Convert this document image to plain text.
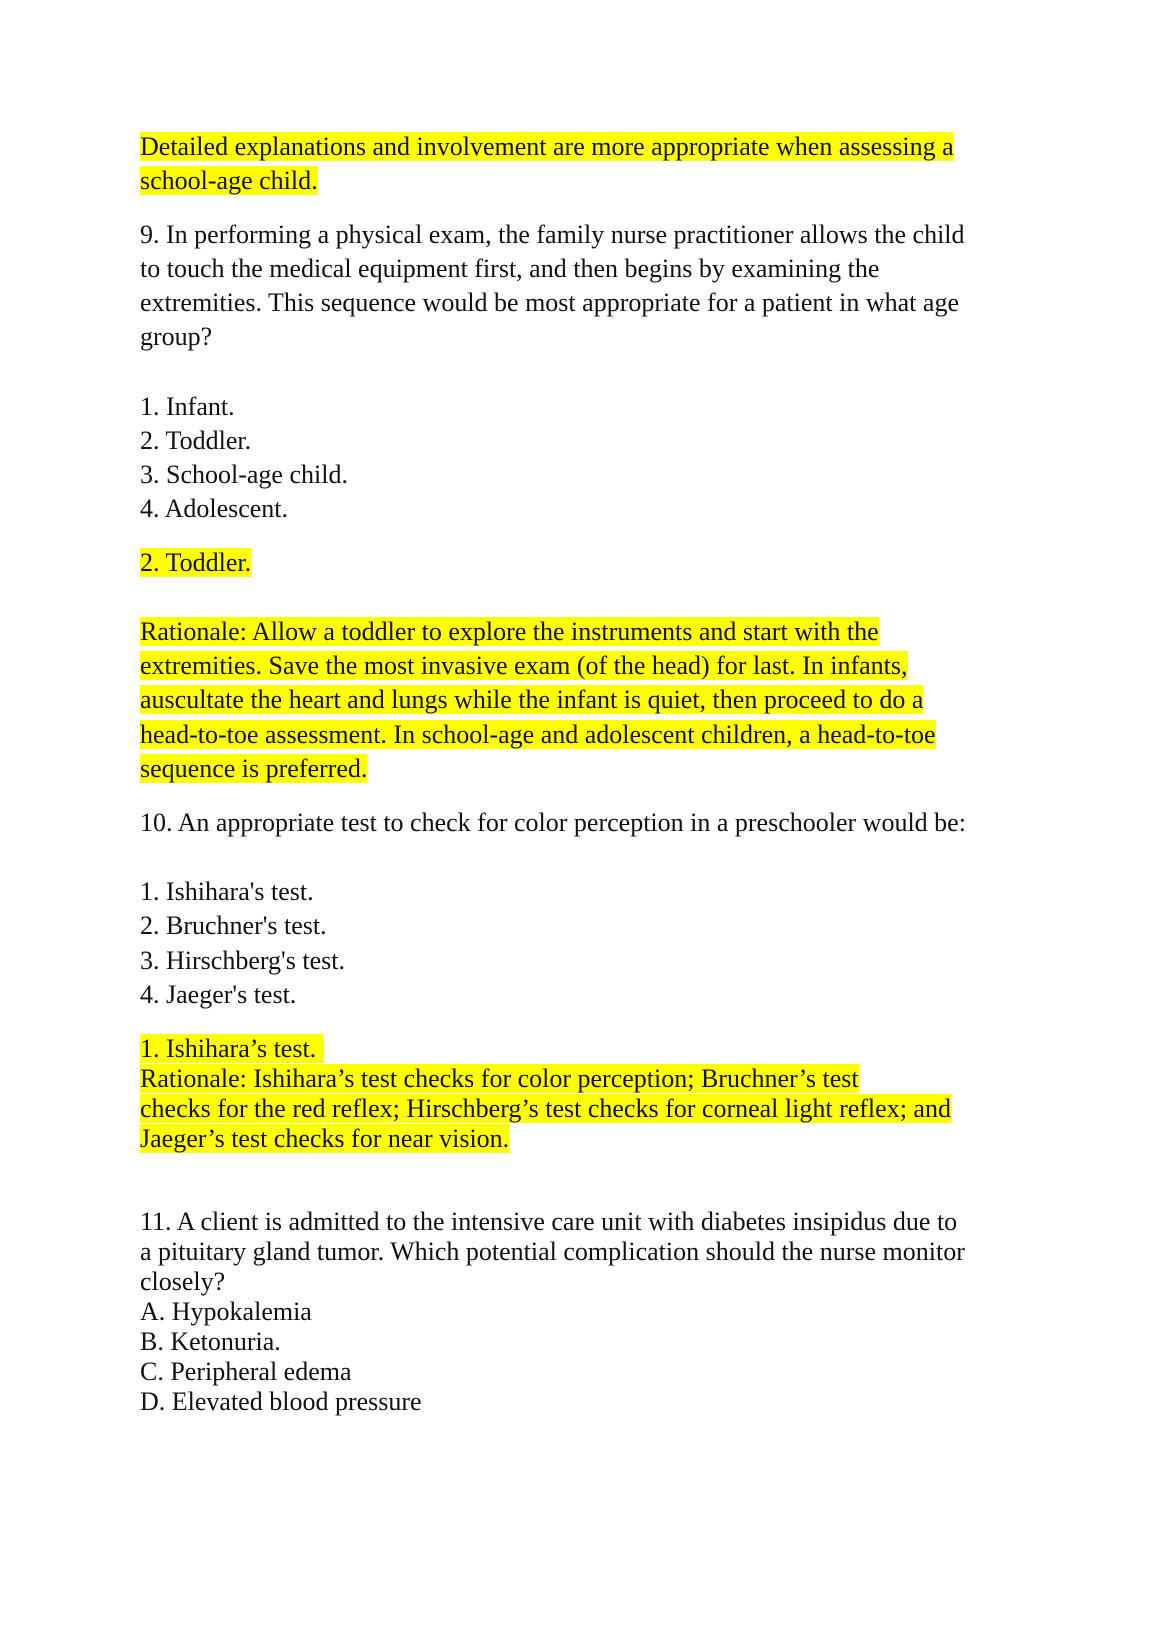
Detailed explanations and involvement are more appropriate when assessing a
school-age child.
9. In performing a physical exam, the family nurse practitioner allows the child
to touch the medical equipment first, and then begins by examining the
extremities. This sequence would be most appropriate for a patient in what age
group?
1. Infant.
2. Toddler.
3. School-age child.
4. Adolescent.
2. Toddler.
Rationale: Allow a toddler to explore the instruments and start with the
extremities. Save the most invasive exam (of the head) for last. In infants,
auscultate the heart and lungs while the infant is quiet, then proceed to do a
head-to-toe assessment. In school-age and adolescent children, a head-to-toe
sequence is preferred.
10. An appropriate test to check for color perception in a preschooler would be:
1. Ishihara's test.
2. Bruchner's test.
3. Hirschberg's test.
4. Jaeger's test.
1. Ishihara’s test.
Rationale: Ishihara’s test checks for color perception; Bruchner’s test
checks for the red reflex; Hirschberg’s test checks for corneal light reflex; and
Jaeger’s test checks for near vision.
11. A client is admitted to the intensive care unit with diabetes insipidus due to
a pituitary gland tumor. Which potential complication should the nurse monitor
closely?
A. Hypokalemia
B. Ketonuria.
C. Peripheral edema
D. Elevated blood pressure
